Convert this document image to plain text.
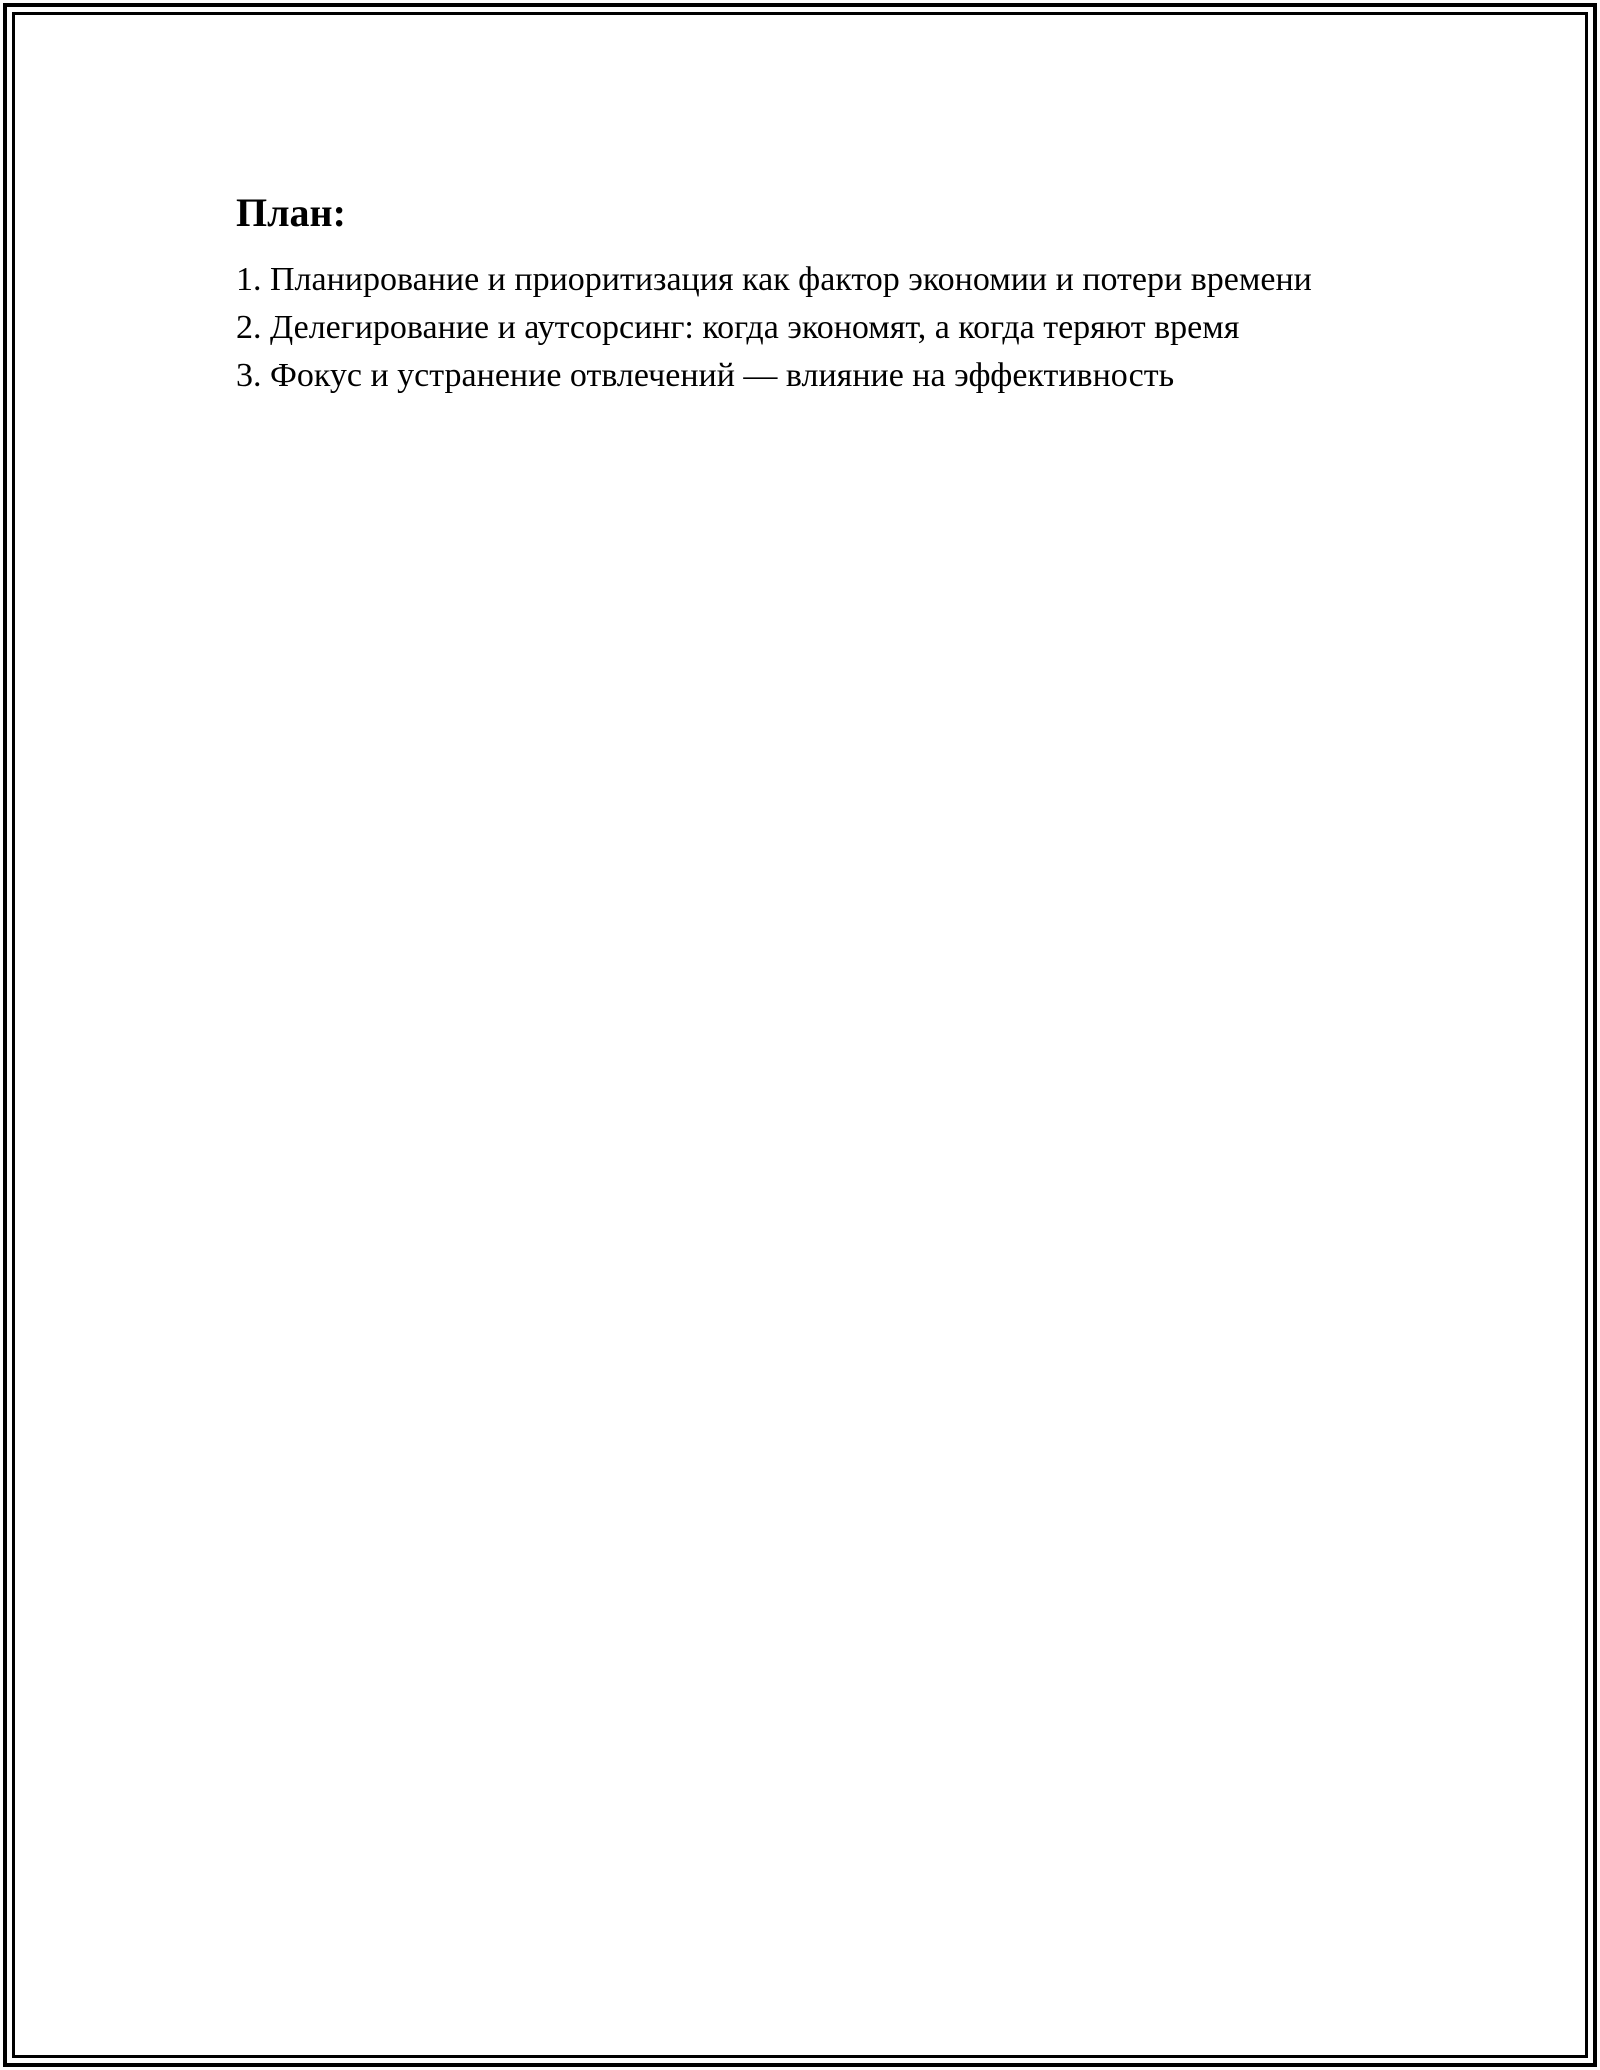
План:
1. Планирование и приоритизация как фактор экономии и потери времени
2. Делегирование и аутсорсинг: когда экономят, а когда теряют время
3. Фокус и устранение отвлечений — влияние на эффективность
